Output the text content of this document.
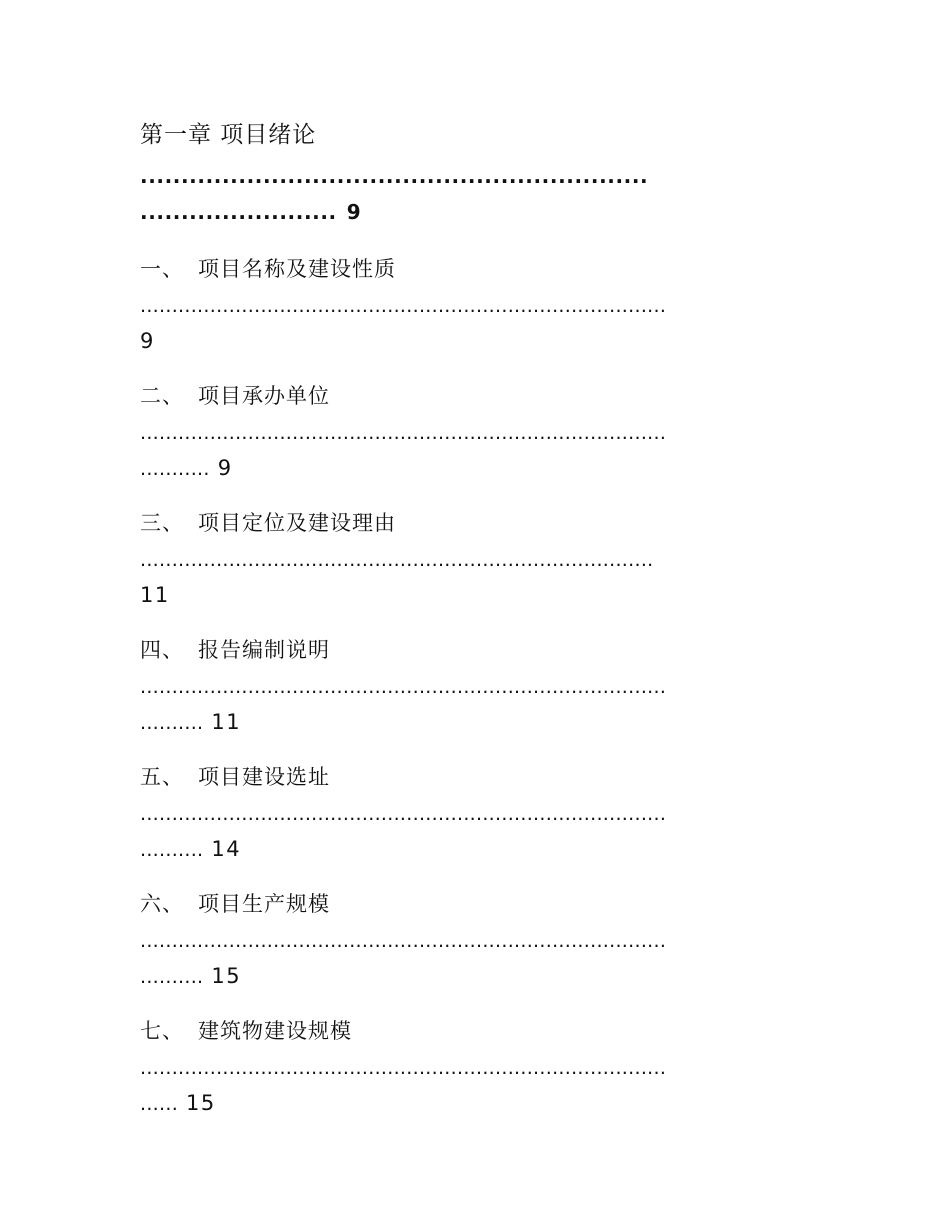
第一章 项目绪论
..............................................................
........................ 9
一、 项目名称及建设性质
...................................................................................
9
二、 项目承办单位
...................................................................................
........... 9
三、 项目定位及建设理由
.................................................................................
11
四、 报告编制说明
...................................................................................
.......... 11
五、 项目建设选址
...................................................................................
.......... 14
六、 项目生产规模
...................................................................................
.......... 15
七、 建筑物建设规模
...................................................................................
...... 15
